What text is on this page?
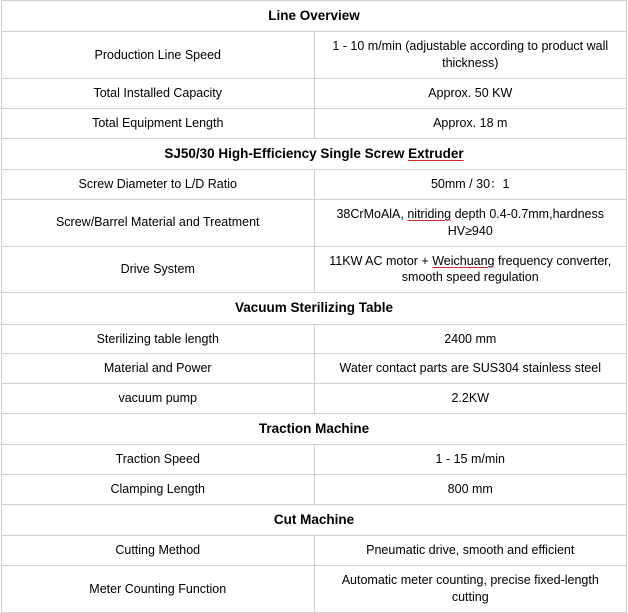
Line Overview	
Production Line Speed	1 - 10 m/min (adjustable according to product wall thickness)
Total Installed Capacity	Approx. 50 KW
Total Equipment Length	Approx. 18 m
SJ50/30 High-Efficiency Single Screw Extruder	
Screw Diameter to L/D Ratio	50mm / 30：1
Screw/Barrel Material and Treatment	38CrMoAlA, nitriding depth 0.4-0.7mm,hardness HV≥940
Drive System	11KW AC motor + Weichuang frequency converter, smooth speed regulation
Vacuum Sterilizing Table	
Sterilizing table length	2400 mm
Material and Power	Water contact parts are SUS304 stainless steel
vacuum pump	2.2KW
Traction Machine	
Traction Speed	1 - 15 m/min
Clamping Length	800 mm
Cut Machine	
Cutting Method	Pneumatic drive, smooth and efficient
Meter Counting Function	Automatic meter counting, precise fixed-length cutting
